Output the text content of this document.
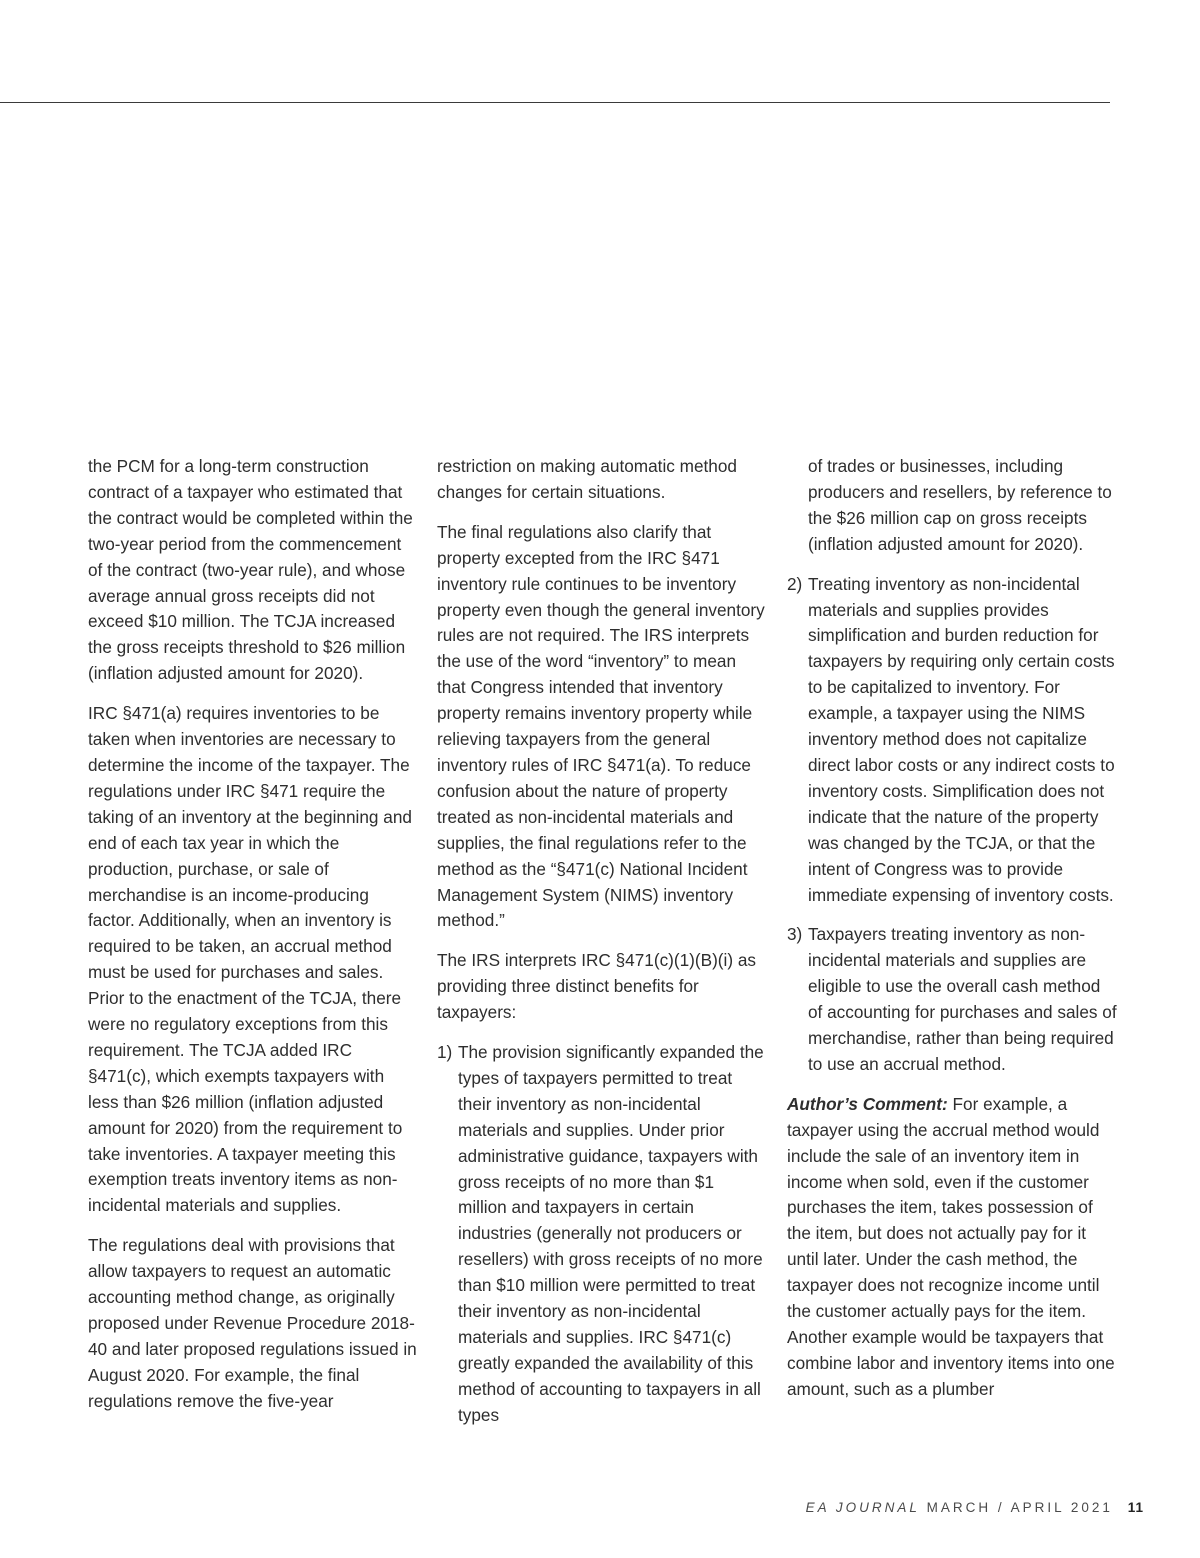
the PCM for a long-term construction contract of a taxpayer who estimated that the contract would be completed within the two-year period from the commencement of the contract (two-year rule), and whose average annual gross receipts did not exceed $10 million. The TCJA increased the gross receipts threshold to $26 million (inflation adjusted amount for 2020).

IRC §471(a) requires inventories to be taken when inventories are necessary to determine the income of the taxpayer. The regulations under IRC §471 require the taking of an inventory at the beginning and end of each tax year in which the production, purchase, or sale of merchandise is an income-producing factor. Additionally, when an inventory is required to be taken, an accrual method must be used for purchases and sales. Prior to the enactment of the TCJA, there were no regulatory exceptions from this requirement. The TCJA added IRC §471(c), which exempts taxpayers with less than $26 million (inflation adjusted amount for 2020) from the requirement to take inventories. A taxpayer meeting this exemption treats inventory items as non-incidental materials and supplies.

The regulations deal with provisions that allow taxpayers to request an automatic accounting method change, as originally proposed under Revenue Procedure 2018-40 and later proposed regulations issued in August 2020. For example, the final regulations remove the five-year

restriction on making automatic method changes for certain situations.

The final regulations also clarify that property excepted from the IRC §471 inventory rule continues to be inventory property even though the general inventory rules are not required. The IRS interprets the use of the word “inventory” to mean that Congress intended that inventory property remains inventory property while relieving taxpayers from the general inventory rules of IRC §471(a). To reduce confusion about the nature of property treated as non-incidental materials and supplies, the final regulations refer to the method as the “§471(c) National Incident Management System (NIMS) inventory method.”

The IRS interprets IRC §471(c)(1)(B)(i) as providing three distinct benefits for taxpayers:

1) The provision significantly expanded the types of taxpayers permitted to treat their inventory as non-incidental materials and supplies. Under prior administrative guidance, taxpayers with gross receipts of no more than $1 million and taxpayers in certain industries (generally not producers or resellers) with gross receipts of no more than $10 million were permitted to treat their inventory as non-incidental materials and supplies. IRC §471(c) greatly expanded the availability of this method of accounting to taxpayers in all types
of trades or businesses, including producers and resellers, by reference to the $26 million cap on gross receipts (inflation adjusted amount for 2020).
2) Treating inventory as non-incidental materials and supplies provides simplification and burden reduction for taxpayers by requiring only certain costs to be capitalized to inventory. For example, a taxpayer using the NIMS inventory method does not capitalize direct labor costs or any indirect costs to inventory costs. Simplification does not indicate that the nature of the property was changed by the TCJA, or that the intent of Congress was to provide immediate expensing of inventory costs.
3) Taxpayers treating inventory as non-incidental materials and supplies are eligible to use the overall cash method of accounting for purchases and sales of merchandise, rather than being required to use an accrual method.

Author’s Comment: For example, a taxpayer using the accrual method would include the sale of an inventory item in income when sold, even if the customer purchases the item, takes possession of the item, but does not actually pay for it until later. Under the cash method, the taxpayer does not recognize income until the customer actually pays for the item. Another example would be taxpayers that combine labor and inventory items into one amount, such as a plumber

EA JOURNAL MARCH / APRIL 2021 11
